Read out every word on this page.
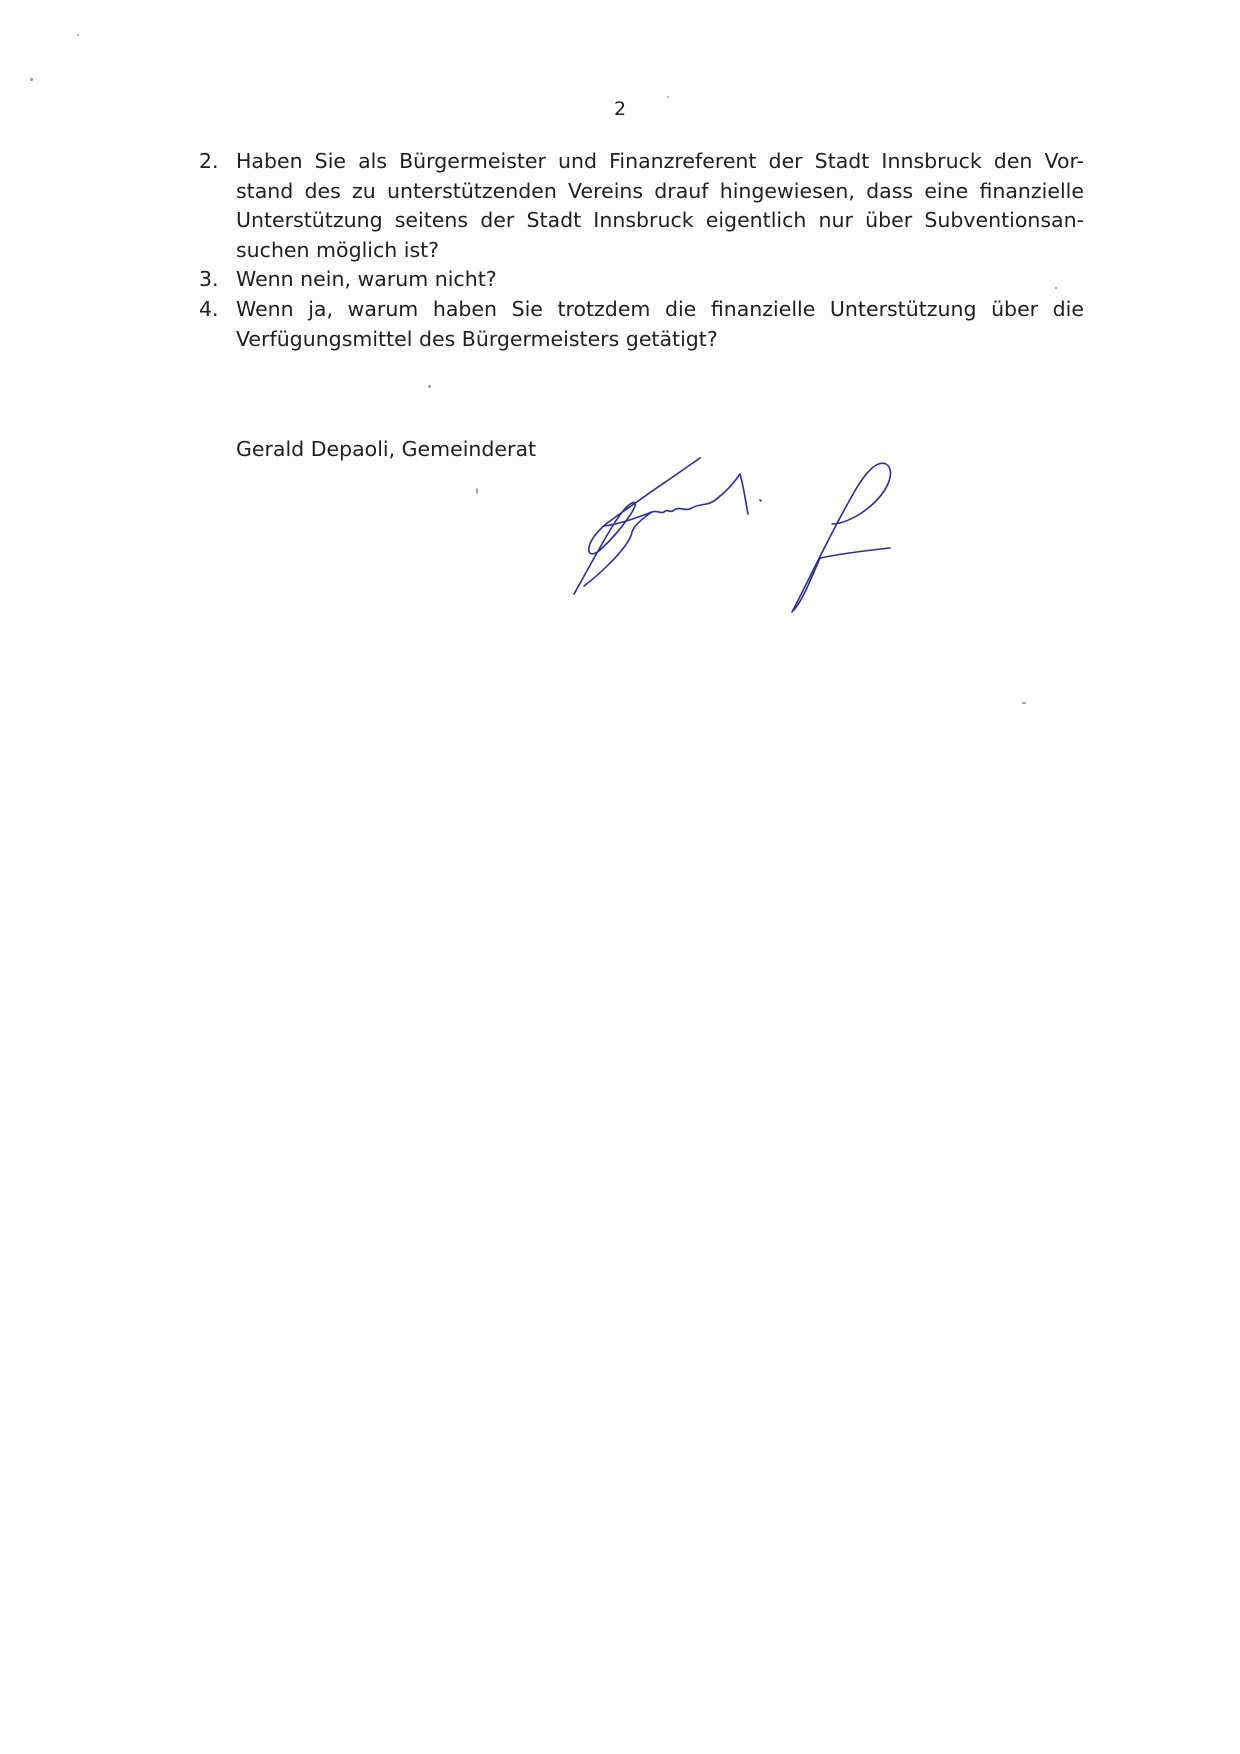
2
2. Haben Sie als Bürgermeister und Finanzreferent der Stadt Innsbruck den Vor-
stand des zu unterstützenden Vereins drauf hingewiesen, dass eine finanzielle
Unterstützung seitens der Stadt Innsbruck eigentlich nur über Subventionsan-
suchen möglich ist?
3. Wenn nein, warum nicht?
4. Wenn ja, warum haben Sie trotzdem die finanzielle Unterstützung über die
Verfügungsmittel des Bürgermeisters getätigt?
Gerald Depaoli, Gemeinderat
